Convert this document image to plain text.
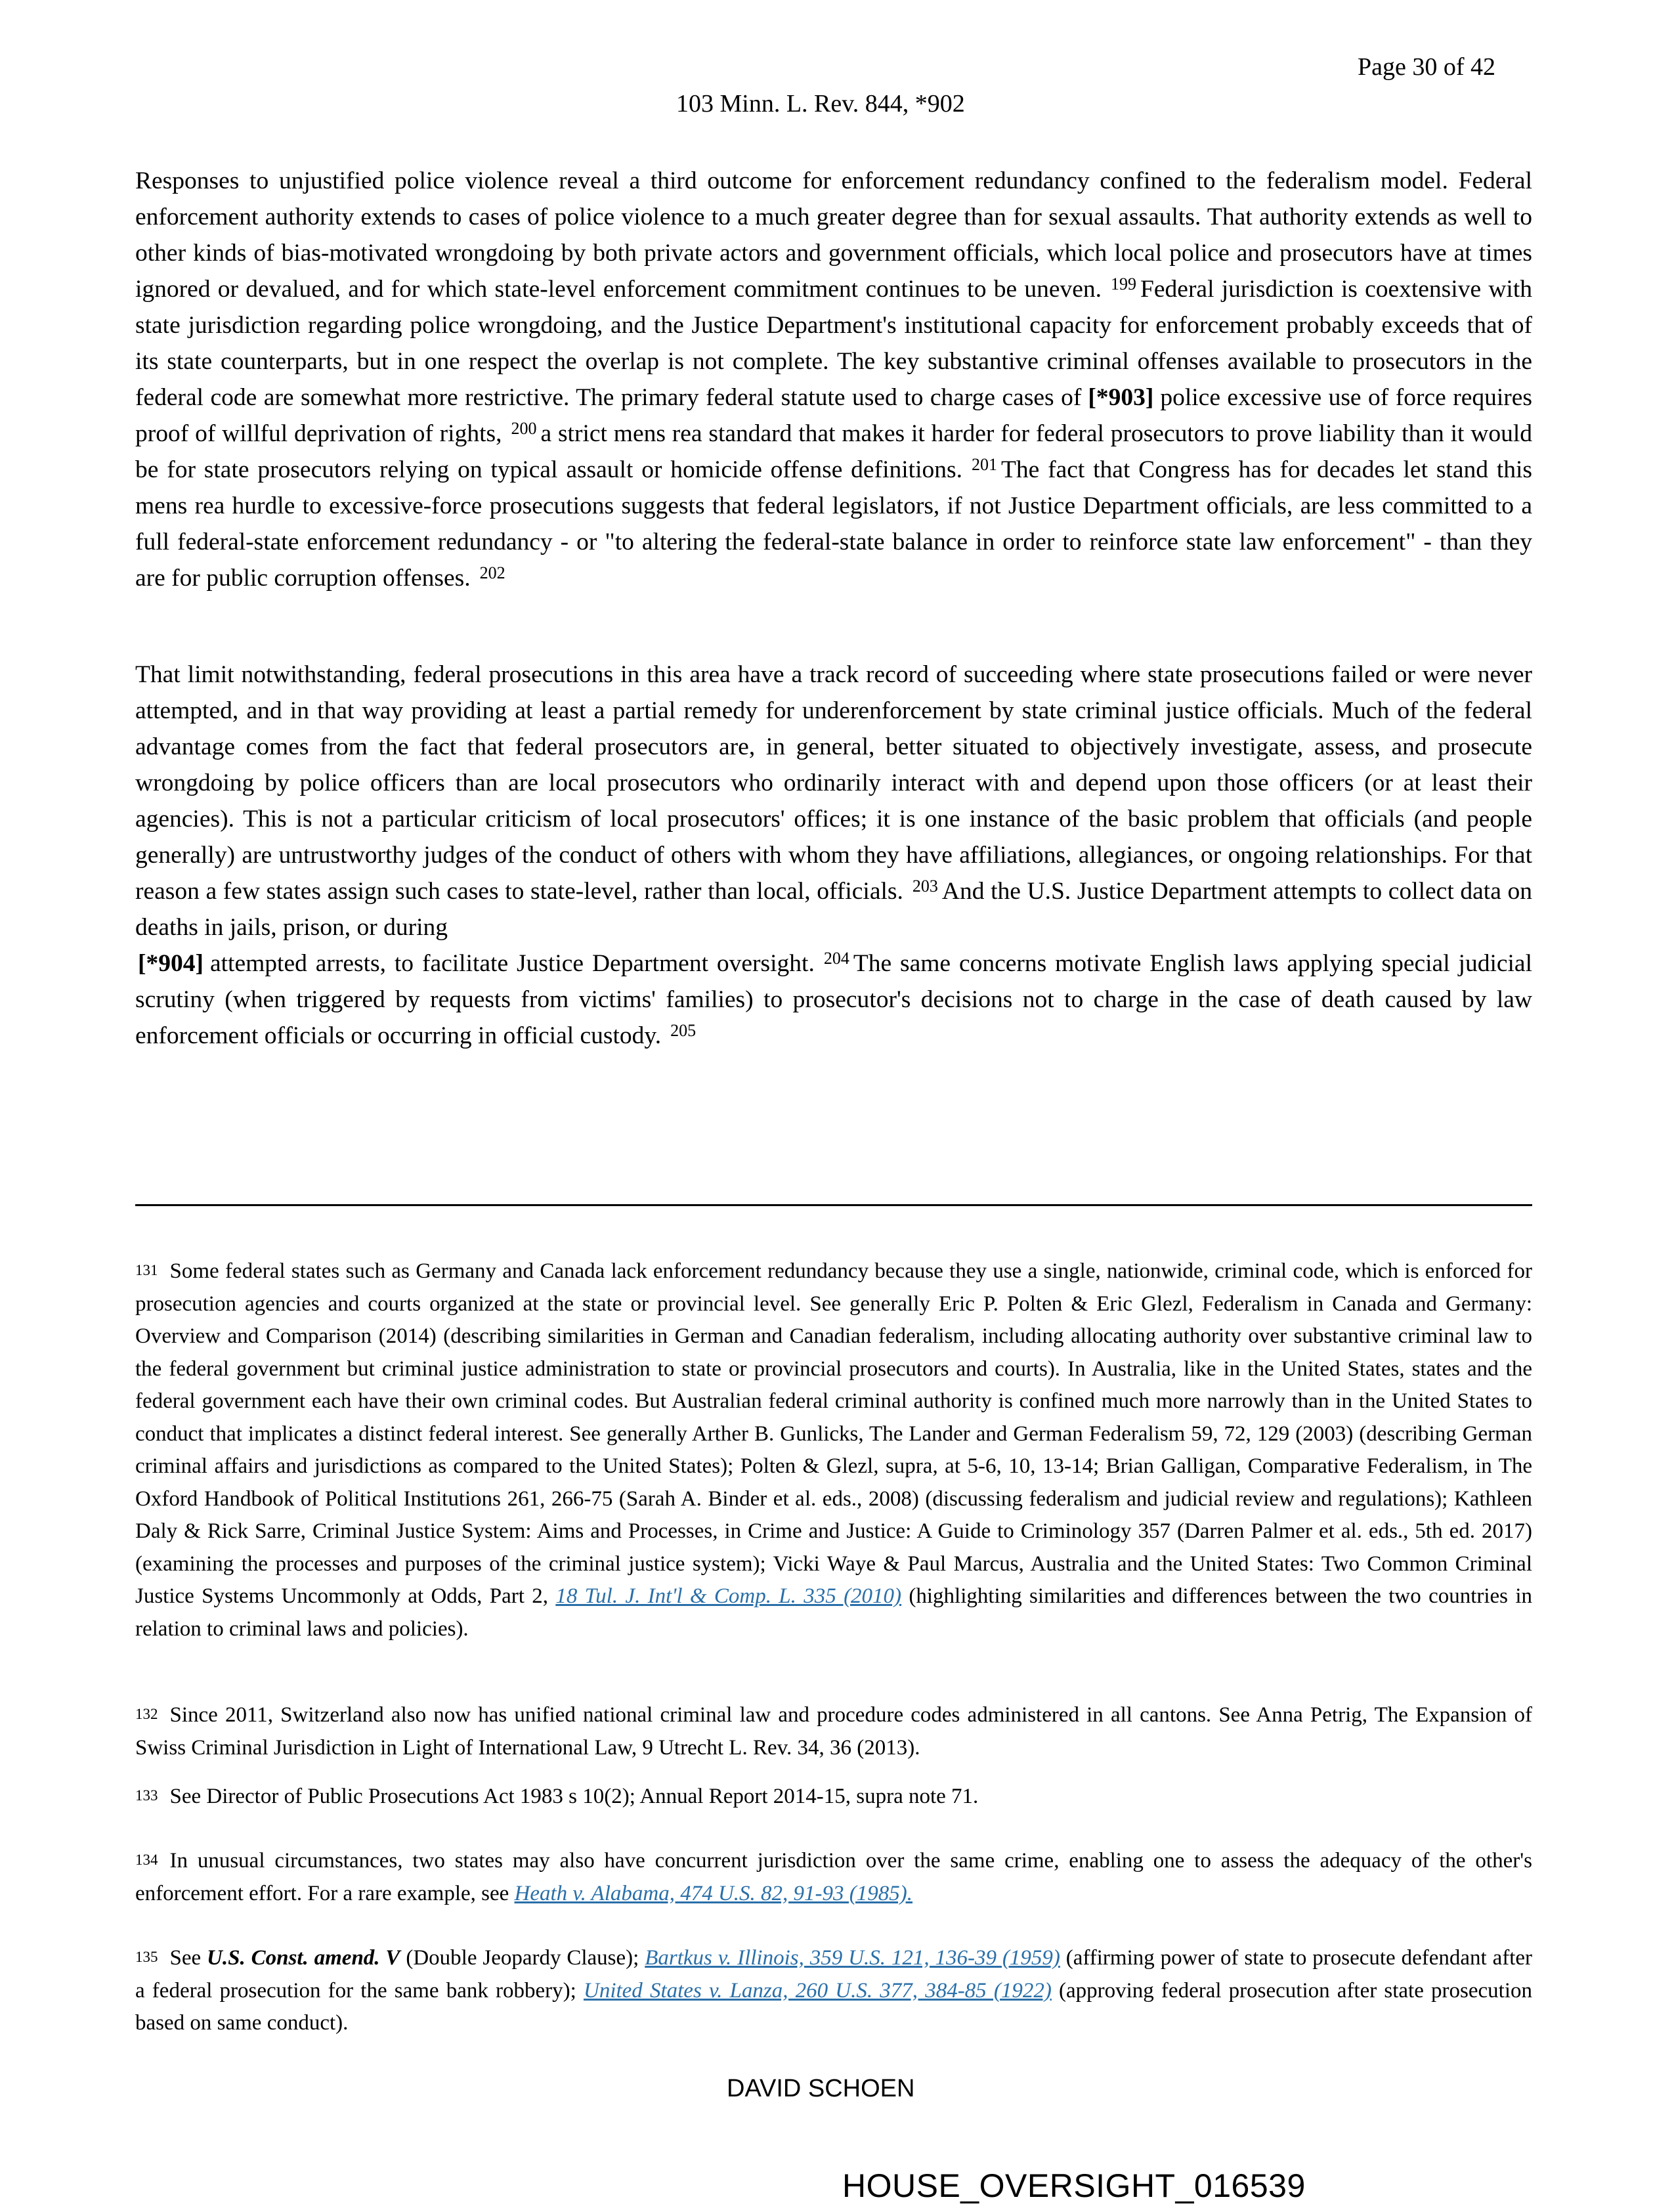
Page 30 of 42
103 Minn. L. Rev. 844, *902
Responses to unjustified police violence reveal a third outcome for enforcement redundancy confined to the federalism model. Federal enforcement authority extends to cases of police violence to a much greater degree than for sexual assaults. That authority extends as well to other kinds of bias-motivated wrongdoing by both private actors and government officials, which local police and prosecutors have at times ignored or devalued, and for which state-level enforcement commitment continues to be uneven. $^{199}$ Federal jurisdiction is coextensive with state jurisdiction regarding police wrongdoing, and the Justice Department's institutional capacity for enforcement probably exceeds that of its state counterparts, but in one respect the overlap is not complete. The key substantive criminal offenses available to prosecutors in the federal code are somewhat more restrictive. The primary federal statute used to charge cases of [*903] police excessive use of force requires proof of willful deprivation of rights, $^{200}$ a strict mens rea standard that makes it harder for federal prosecutors to prove liability than it would be for state prosecutors relying on typical assault or homicide offense definitions. $^{201}$ The fact that Congress has for decades let stand this mens rea hurdle to excessive-force prosecutions suggests that federal legislators, if not Justice Department officials, are less committed to a full federal-state enforcement redundancy - or "to altering the federal-state balance in order to reinforce state law enforcement" - than they are for public corruption offenses. $^{202}$
That limit notwithstanding, federal prosecutions in this area have a track record of succeeding where state prosecutions failed or were never attempted, and in that way providing at least a partial remedy for underenforcement by state criminal justice officials. Much of the federal advantage comes from the fact that federal prosecutors are, in general, better situated to objectively investigate, assess, and prosecute wrongdoing by police officers than are local prosecutors who ordinarily interact with and depend upon those officers (or at least their agencies). This is not a particular criticism of local prosecutors' offices; it is one instance of the basic problem that officials (and people generally) are untrustworthy judges of the conduct of others with whom they have affiliations, allegiances, or ongoing relationships. For that reason a few states assign such cases to state-level, rather than local, officials. $^{203}$ And the U.S. Justice Department attempts to collect data on deaths in jails, prison, or during
[*904] attempted arrests, to facilitate Justice Department oversight. $^{204}$ The same concerns motivate English laws applying special judicial scrutiny (when triggered by requests from victims' families) to prosecutor's decisions not to charge in the case of death caused by law enforcement officials or occurring in official custody. $^{205}$
$^{131}$ Some federal states such as Germany and Canada lack enforcement redundancy because they use a single, nationwide, criminal code, which is enforced for prosecution agencies and courts organized at the state or provincial level. See generally Eric P. Polten & Eric Glezl, Federalism in Canada and Germany: Overview and Comparison (2014) (describing similarities in German and Canadian federalism, including allocating authority over substantive criminal law to the federal government but criminal justice administration to state or provincial prosecutors and courts). In Australia, like in the United States, states and the federal government each have their own criminal codes. But Australian federal criminal authority is confined much more narrowly than in the United States to conduct that implicates a distinct federal interest. See generally Arther B. Gunlicks, The Lander and German Federalism 59, 72, 129 (2003) (describing German criminal affairs and jurisdictions as compared to the United States); Polten & Glezl, supra, at 5-6, 10, 13-14; Brian Galligan, Comparative Federalism, in The Oxford Handbook of Political Institutions 261, 266-75 (Sarah A. Binder et al. eds., 2008) (discussing federalism and judicial review and regulations); Kathleen Daly & Rick Sarre, Criminal Justice System: Aims and Processes, in Crime and Justice: A Guide to Criminology 357 (Darren Palmer et al. eds., 5th ed. 2017) (examining the processes and purposes of the criminal justice system); Vicki Waye & Paul Marcus, Australia and the United States: Two Common Criminal Justice Systems Uncommonly at Odds, Part 2, 18 Tul. J. Int'l & Comp. L. 335 (2010) (highlighting similarities and differences between the two countries in relation to criminal laws and policies).
$^{132}$ Since 2011, Switzerland also now has unified national criminal law and procedure codes administered in all cantons. See Anna Petrig, The Expansion of Swiss Criminal Jurisdiction in Light of International Law, 9 Utrecht L. Rev. 34, 36 (2013).
$^{133}$ See Director of Public Prosecutions Act 1983 s 10(2); Annual Report 2014-15, supra note 71.
$^{134}$ In unusual circumstances, two states may also have concurrent jurisdiction over the same crime, enabling one to assess the adequacy of the other's enforcement effort. For a rare example, see Heath v. Alabama, 474 U.S. 82, 91-93 (1985).
$^{135}$ See U.S. Const. amend. V (Double Jeopardy Clause); Bartkus v. Illinois, 359 U.S. 121, 136-39 (1959) (affirming power of state to prosecute defendant after a federal prosecution for the same bank robbery); United States v. Lanza, 260 U.S. 377, 384-85 (1922) (approving federal prosecution after state prosecution based on same conduct).
DAVID SCHOEN
HOUSE_OVERSIGHT_016539
